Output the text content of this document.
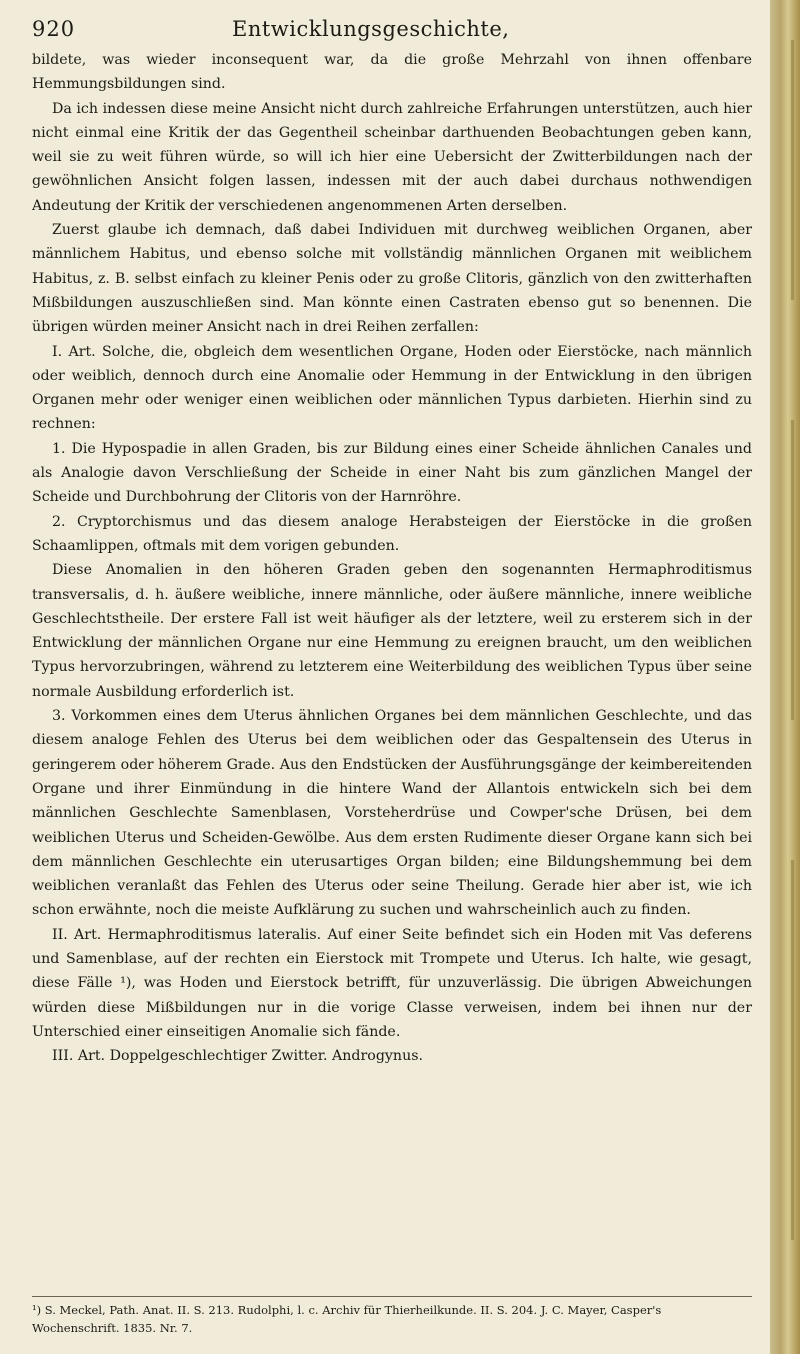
920	Entwicklungsgeschichte,

bildete, was wieder inconsequent war, da die große Mehrzahl von ihnen offenbare Hemmungsbildungen sind.

Da ich indessen diese meine Ansicht nicht durch zahlreiche Erfahrungen unterstützen, auch hier nicht einmal eine Kritik der das Gegentheil scheinbar darthuenden Beobachtungen geben kann, weil sie zu weit führen würde, so will ich hier eine Uebersicht der Zwitterbildungen nach der gewöhnlichen Ansicht folgen lassen, indessen mit der auch dabei durchaus nothwendigen Andeutung der Kritik der verschiedenen angenommenen Arten derselben.

Zuerst glaube ich demnach, daß dabei Individuen mit durchweg weiblichen Organen, aber männlichem Habitus, und ebenso solche mit vollständig männlichen Organen mit weiblichem Habitus, z. B. selbst einfach zu kleiner Penis oder zu große Clitoris, gänzlich von den zwitterhaften Mißbildungen auszuschließen sind. Man könnte einen Castraten ebenso gut so benennen. Die übrigen würden meiner Ansicht nach in drei Reihen zerfallen:

I. Art. Solche, die, obgleich dem wesentlichen Organe, Hoden oder Eierstöcke, nach männlich oder weiblich, dennoch durch eine Anomalie oder Hemmung in der Entwicklung in den übrigen Organen mehr oder weniger einen weiblichen oder männlichen Typus darbieten. Hierhin sind zu rechnen:

1. Die Hypospadie in allen Graden, bis zur Bildung eines einer Scheide ähnlichen Canales und als Analogie davon Verschließung der Scheide in einer Naht bis zum gänzlichen Mangel der Scheide und Durchbohrung der Clitoris von der Harnröhre.

2. Cryptorchismus und das diesem analoge Herabsteigen der Eierstöcke in die großen Schaamlippen, oftmals mit dem vorigen gebunden.

Diese Anomalien in den höheren Graden geben den sogenannten Hermaphroditismus transversalis, d. h. äußere weibliche, innere männliche, oder äußere männliche, innere weibliche Geschlechtstheile. Der erstere Fall ist weit häufiger als der letztere, weil zu ersterem sich in der Entwicklung der männlichen Organe nur eine Hemmung zu ereignen braucht, um den weiblichen Typus hervorzubringen, während zu letzterem eine Weiterbildung des weiblichen Typus über seine normale Ausbildung erforderlich ist.

3. Vorkommen eines dem Uterus ähnlichen Organes bei dem männlichen Geschlechte, und das diesem analoge Fehlen des Uterus bei dem weiblichen oder das Gespaltensein des Uterus in geringerem oder höherem Grade. Aus den Endstücken der Ausführungsgänge der keimbereitenden Organe und ihrer Einmündung in die hintere Wand der Allantois entwickeln sich bei dem männlichen Geschlechte Samenblasen, Vorsteherdrüse und Cowper'sche Drüsen, bei dem weiblichen Uterus und Scheiden-Gewölbe. Aus dem ersten Rudimente dieser Organe kann sich bei dem männlichen Geschlechte ein uterusartiges Organ bilden; eine Bildungshemmung bei dem weiblichen veranlaßt das Fehlen des Uterus oder seine Theilung. Gerade hier aber ist, wie ich schon erwähnte, noch die meiste Aufklärung zu suchen und wahrscheinlich auch zu finden.

II. Art. Hermaphroditismus lateralis. Auf einer Seite befindet sich ein Hoden mit Vas deferens und Samenblase, auf der rechten ein Eierstock mit Trompete und Uterus. Ich halte, wie gesagt, diese Fälle ¹), was Hoden und Eierstock betrifft, für unzuverlässig. Die übrigen Abweichungen würden diese Mißbildungen nur in die vorige Classe verweisen, indem bei ihnen nur der Unterschied einer einseitigen Anomalie sich fände.

III. Art. Doppelgeschlechtiger Zwitter. Androgynus.

¹) S. Meckel, Path. Anat. II. S. 213. Rudolphi, l. c. Archiv für Thierheilkunde. II. S. 204. J. C. Mayer, Casper's Wochenschrift. 1835. Nr. 7.
